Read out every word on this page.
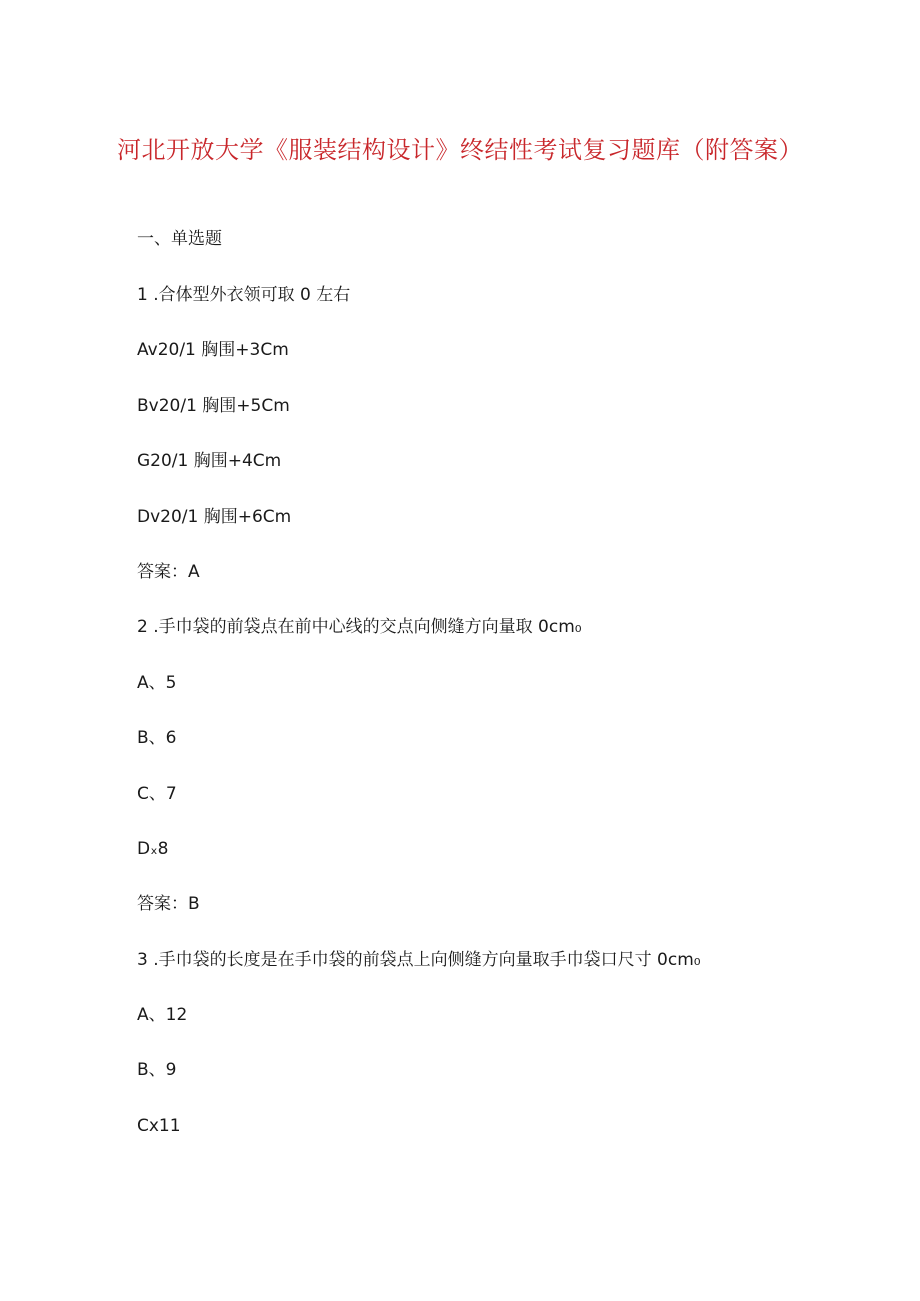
河北开放大学《服装结构设计》终结性考试复习题库（附答案）
一、单选题
1 .合体型外衣领可取 0 左右
Av20/1 胸围+3Cm
Bv20/1 胸围+5Cm
G20/1 胸围+4Cm
Dv20/1 胸围+6Cm
答案：A
2 .手巾袋的前袋点在前中心线的交点向侧缝方向量取 0cm₀
A、5
B、6
C、7
Dₓ8
答案：B
3 .手巾袋的长度是在手巾袋的前袋点上向侧缝方向量取手巾袋口尺寸 0cm₀
A、12
B、9
Cx11
